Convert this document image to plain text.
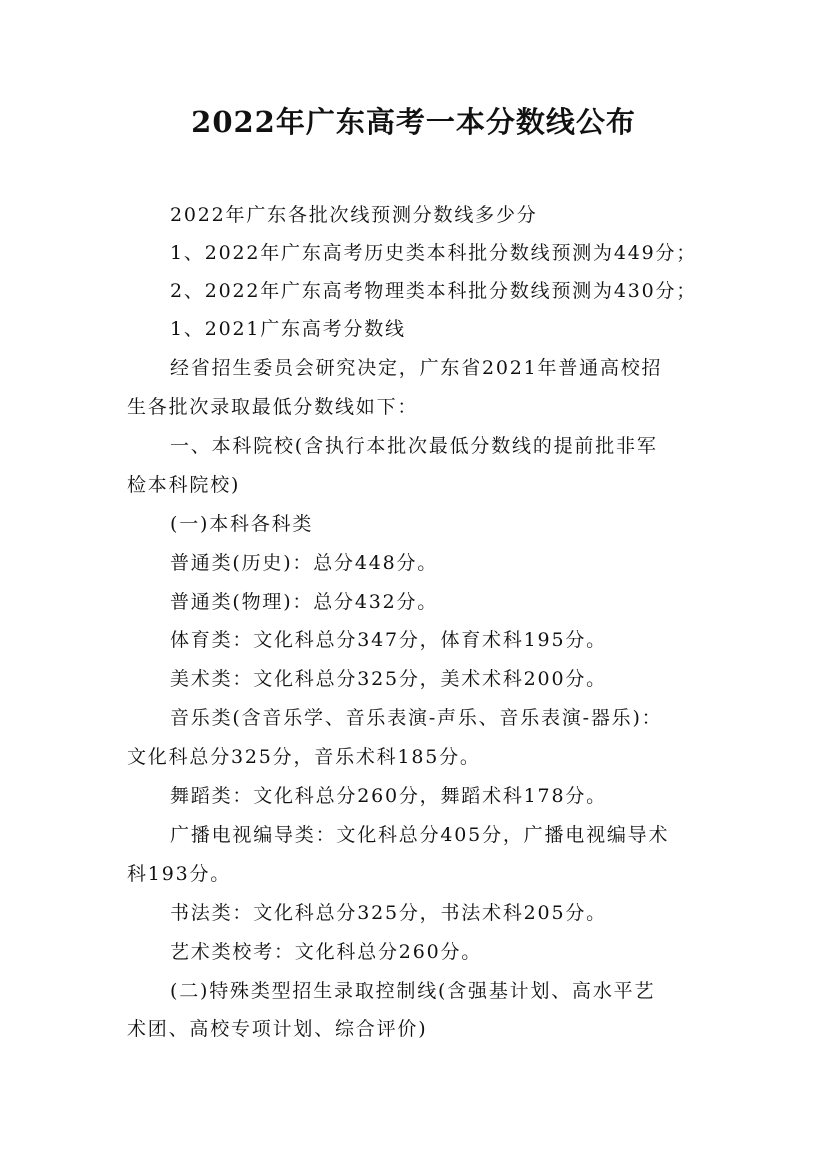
2022年广东高考一本分数线公布
2022年广东各批次线预测分数线多少分
1、2022年广东高考历史类本科批分数线预测为449分；
2、2022年广东高考物理类本科批分数线预测为430分；
1、2021广东高考分数线
经省招生委员会研究决定，广东省2021年普通高校招
生各批次录取最低分数线如下：
一、本科院校(含执行本批次最低分数线的提前批非军
检本科院校)
(一)本科各科类
普通类(历史)：总分448分。
普通类(物理)：总分432分。
体育类：文化科总分347分，体育术科195分。
美术类：文化科总分325分，美术术科200分。
音乐类(含音乐学、音乐表演-声乐、音乐表演-器乐)：
文化科总分325分，音乐术科185分。
舞蹈类：文化科总分260分，舞蹈术科178分。
广播电视编导类：文化科总分405分，广播电视编导术
科193分。
书法类：文化科总分325分，书法术科205分。
艺术类校考：文化科总分260分。
(二)特殊类型招生录取控制线(含强基计划、高水平艺
术团、高校专项计划、综合评价)
